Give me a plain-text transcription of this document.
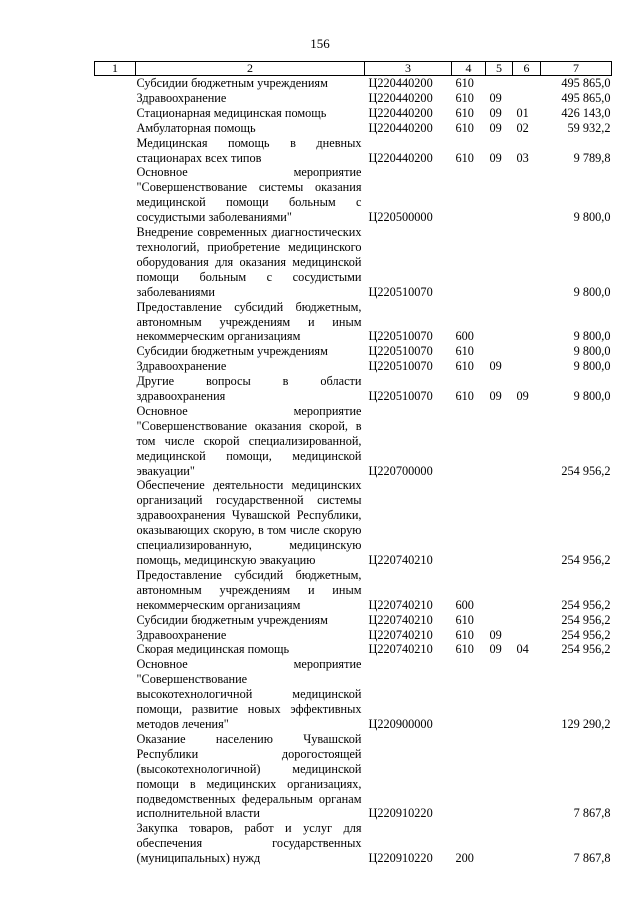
156
1	2	3	4	5	6	7
	Субсидии бюджетным учреждениям	Ц220440200	610			495 865,0
	Здравоохранение	Ц220440200	610	09		495 865,0
	Стационарная медицинская помощь	Ц220440200	610	09	01	426 143,0
	Амбулаторная помощь	Ц220440200	610	09	02	59 932,2
	Медицинская помощь в дневных стационарах всех типов	Ц220440200	610	09	03	9 789,8
	Основное мероприятие "Совершенствование системы оказания медицинской помощи больным с сосудистыми заболеваниями"	Ц220500000				9 800,0
	Внедрение современных диагностических технологий, приобретение медицинского оборудования для оказания медицинской помощи больным с сосудистыми заболеваниями	Ц220510070				9 800,0
	Предоставление субсидий бюджетным, автономным учреждениям и иным некоммерческим организациям	Ц220510070	600			9 800,0
	Субсидии бюджетным учреждениям	Ц220510070	610			9 800,0
	Здравоохранение	Ц220510070	610	09		9 800,0
	Другие вопросы в области здравоохранения	Ц220510070	610	09	09	9 800,0
	Основное мероприятие "Совершенствование оказания скорой, в том числе скорой специализированной, медицинской помощи, медицинской эвакуации"	Ц220700000				254 956,2
	Обеспечение деятельности медицинских организаций государственной системы здравоохранения Чувашской Республики, оказывающих скорую, в том числе скорую специализированную, медицинскую помощь, медицинскую эвакуацию	Ц220740210				254 956,2
	Предоставление субсидий бюджетным, автономным учреждениям и иным некоммерческим организациям	Ц220740210	600			254 956,2
	Субсидии бюджетным учреждениям	Ц220740210	610			254 956,2
	Здравоохранение	Ц220740210	610	09		254 956,2
	Скорая медицинская помощь	Ц220740210	610	09	04	254 956,2
	Основное мероприятие "Совершенствование высокотехнологичной медицинской помощи, развитие новых эффективных методов лечения"	Ц220900000				129 290,2
	Оказание населению Чувашской Республики дорогостоящей (высокотехнологичной) медицинской помощи в медицинских организациях, подведомственных федеральным органам исполнительной власти	Ц220910220				7 867,8
	Закупка товаров, работ и услуг для обеспечения государственных (муниципальных) нужд	Ц220910220	200			7 867,8
